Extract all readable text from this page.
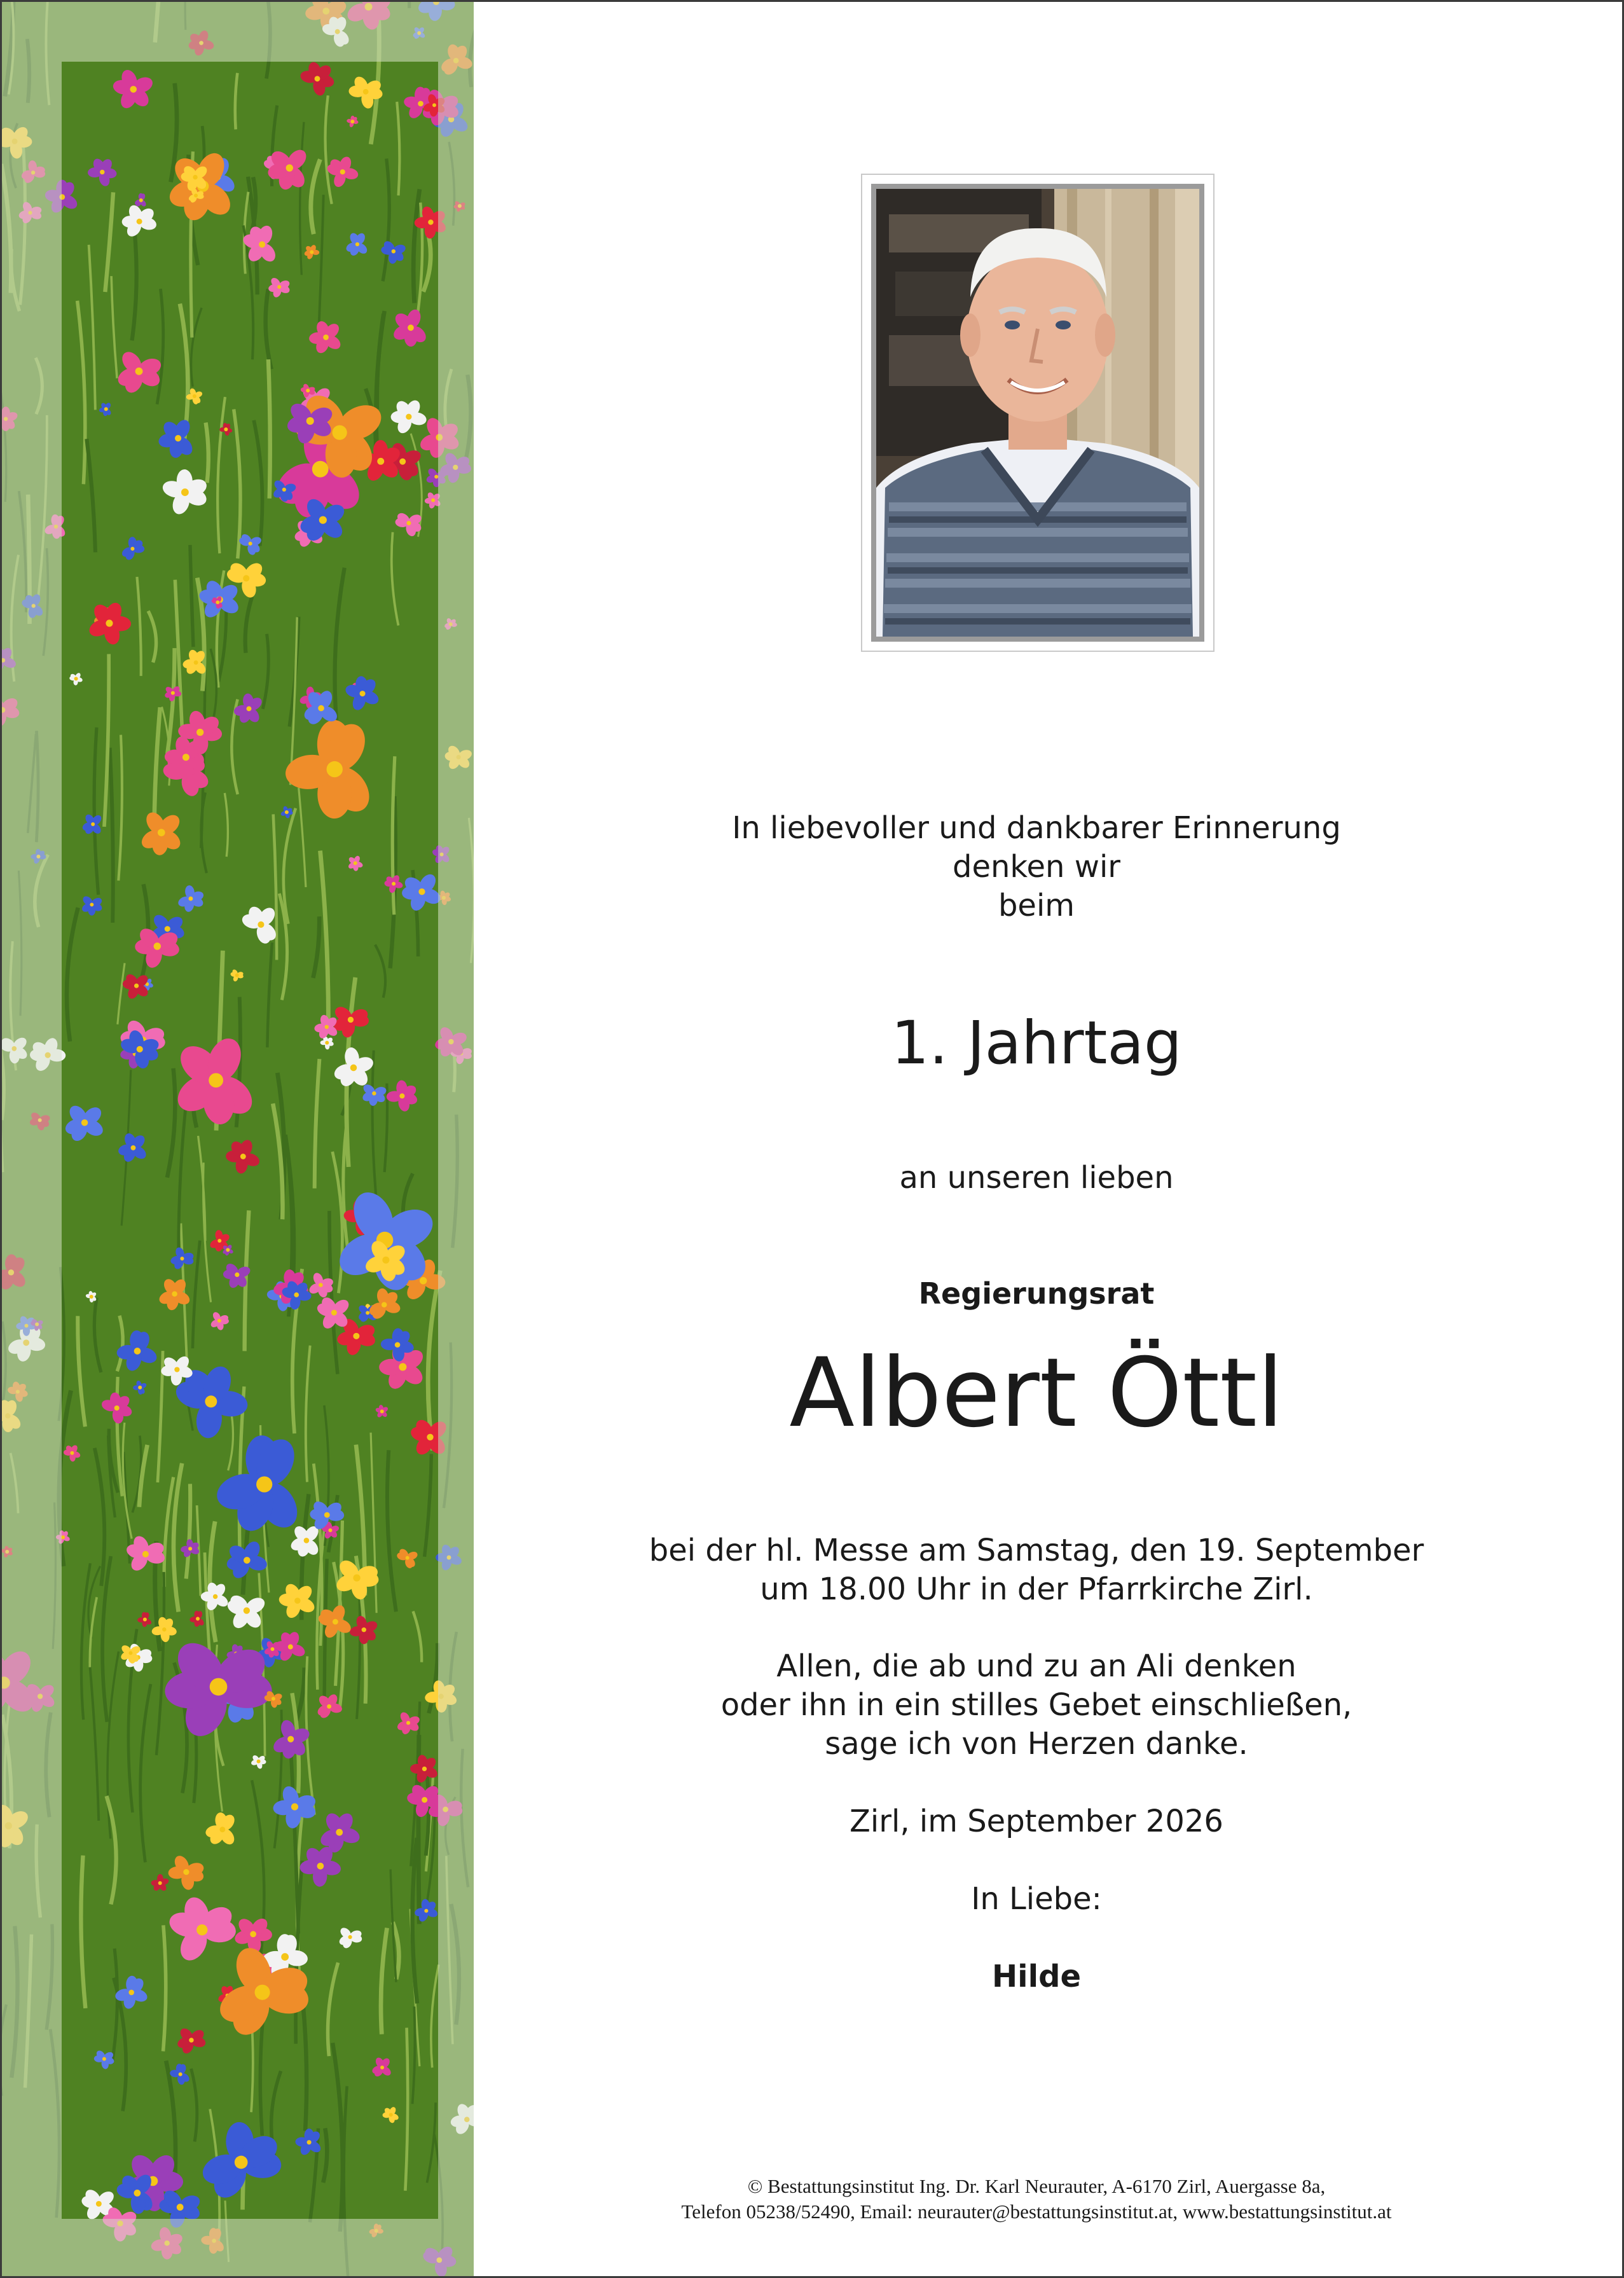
In liebevoller und dankbarer Erinnerung
denken wir
beim

1. Jahrtag

an unseren lieben

Regierungsrat

Albert Öttl

bei der hl. Messe am Samstag, den 19. September
um 18.00 Uhr in der Pfarrkirche Zirl.

Allen, die ab und zu an Ali denken
oder ihn in ein stilles Gebet einschließen,
sage ich von Herzen danke.

Zirl, im September 2026

In Liebe:

Hilde

© Bestattungsinstitut Ing. Dr. Karl Neurauter, A-6170 Zirl, Auergasse 8a,
Telefon 05238/52490, Email: neurauter@bestattungsinstitut.at, www.bestattungsinstitut.at
